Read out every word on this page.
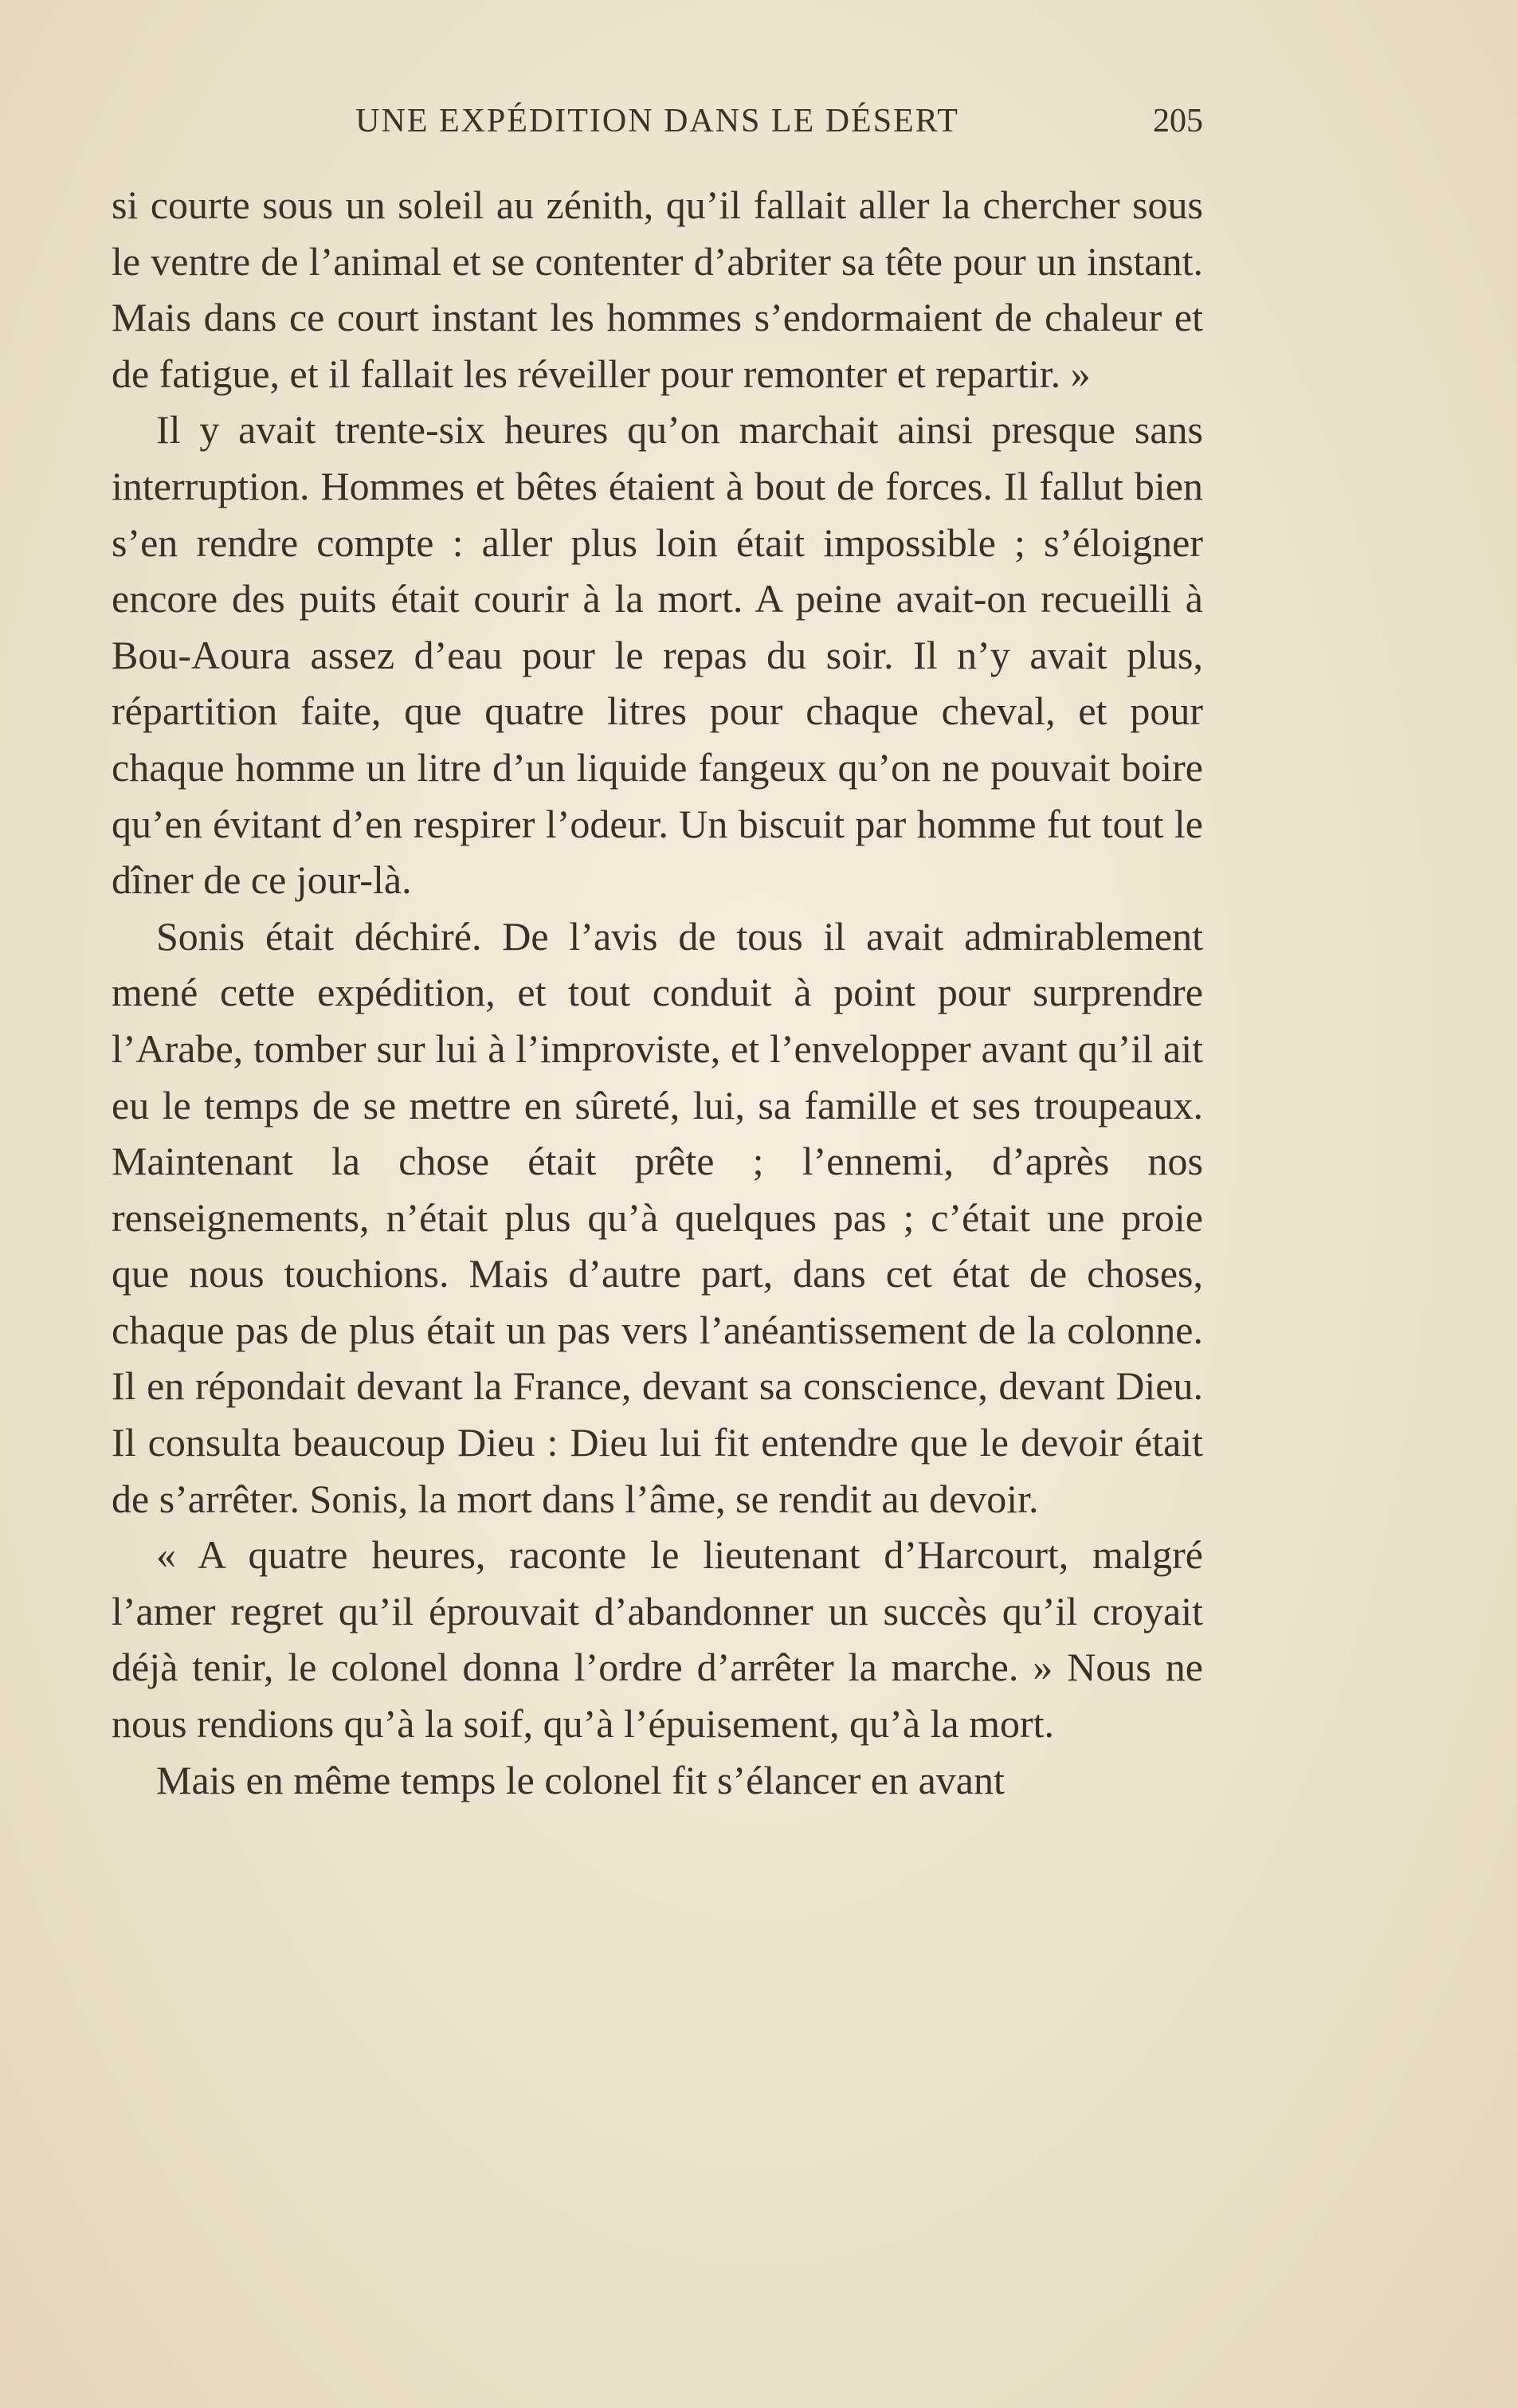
UNE EXPÉDITION DANS LE DÉSERT	205

si courte sous un soleil au zénith, qu’il fallait aller la chercher sous le ventre de l’animal et se contenter d’abriter sa tête pour un instant. Mais dans ce court instant les hommes s’endormaient de chaleur et de fatigue, et il fallait les réveiller pour remonter et repartir. »

Il y avait trente-six heures qu’on marchait ainsi presque sans interruption. Hommes et bêtes étaient à bout de forces. Il fallut bien s’en rendre compte : aller plus loin était impossible ; s’éloigner encore des puits était courir à la mort. A peine avait-on recueilli à Bou-Aoura assez d’eau pour le repas du soir. Il n’y avait plus, répartition faite, que quatre litres pour chaque cheval, et pour chaque homme un litre d’un liquide fangeux qu’on ne pouvait boire qu’en évitant d’en respirer l’odeur. Un biscuit par homme fut tout le dîner de ce jour-là.

Sonis était déchiré. De l’avis de tous il avait admirablement mené cette expédition, et tout conduit à point pour surprendre l’Arabe, tomber sur lui à l’improviste, et l’envelopper avant qu’il ait eu le temps de se mettre en sûreté, lui, sa famille et ses troupeaux. Maintenant la chose était prête ; l’ennemi, d’après nos renseignements, n’était plus qu’à quelques pas ; c’était une proie que nous touchions. Mais d’autre part, dans cet état de choses, chaque pas de plus était un pas vers l’anéantissement de la colonne. Il en répondait devant la France, devant sa conscience, devant Dieu. Il consulta beaucoup Dieu : Dieu lui fit entendre que le devoir était de s’arrêter. Sonis, la mort dans l’âme, se rendit au devoir.

« A quatre heures, raconte le lieutenant d’Harcourt, malgré l’amer regret qu’il éprouvait d’abandonner un succès qu’il croyait déjà tenir, le colonel donna l’ordre d’arrêter la marche. » Nous ne nous rendions qu’à la soif, qu’à l’épuisement, qu’à la mort.

Mais en même temps le colonel fit s’élancer en avant
